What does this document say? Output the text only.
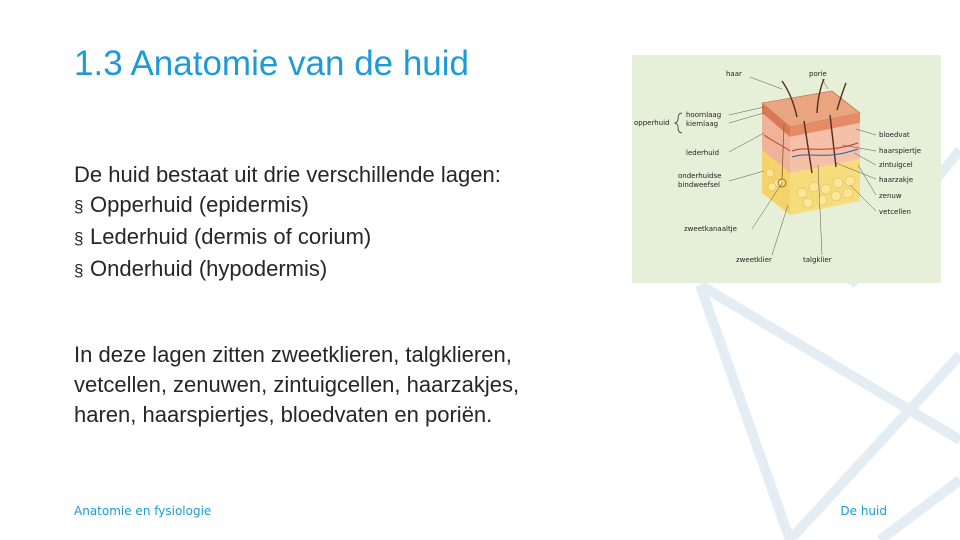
1.3 Anatomie van de huid

De huid bestaat uit drie verschillende lagen:

§ Opperhuid (epidermis)
§ Lederhuid (dermis of corium)
§ Onderhuid (hypodermis)

In deze lagen zitten zweetklieren, talgklieren,
vetcellen, zenuwen, zintuigcellen, haarzakjes,
haren, haarspiertjes, bloedvaten en poriën.

haar	porie
opperhuid
hoornlaag
kiemlaag
lederhuid
onderhuidse
bindweefsel
zweetkanaaltje
zweetklier	talgklier
bloedvat
haarspiertje
zintuigcel
haarzakje
zenuw
vetcellen
Anatomie en fysiologie	De huid
